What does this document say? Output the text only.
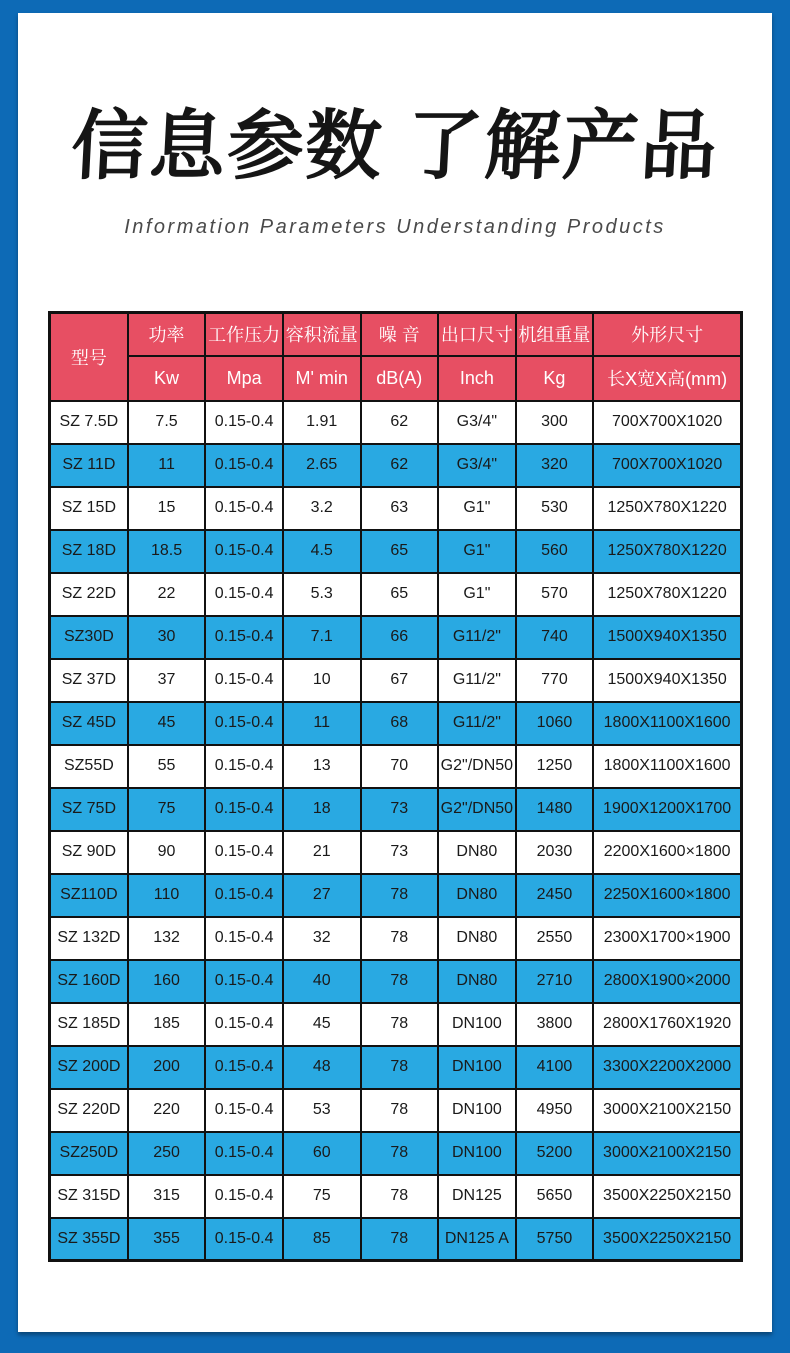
信息参数 了解产品
Information Parameters Understanding Products
型号	功率	工作压力	容积流量	噪 音	出口尺寸	机组重量	外形尺寸
	Kw	Mpa	M' min	dB(A)	Inch	Kg	长X宽X高(mm)
SZ 7.5D	7.5	0.15-0.4	1.91	62	G3/4"	300	700X700X1020
SZ 11D	11	0.15-0.4	2.65	62	G3/4"	320	700X700X1020
SZ 15D	15	0.15-0.4	3.2	63	G1"	530	1250X780X1220
SZ 18D	18.5	0.15-0.4	4.5	65	G1"	560	1250X780X1220
SZ 22D	22	0.15-0.4	5.3	65	G1"	570	1250X780X1220
SZ30D	30	0.15-0.4	7.1	66	G11/2"	740	1500X940X1350
SZ 37D	37	0.15-0.4	10	67	G11/2"	770	1500X940X1350
SZ 45D	45	0.15-0.4	11	68	G11/2"	1060	1800X1100X1600
SZ55D	55	0.15-0.4	13	70	G2"/DN50	1250	1800X1100X1600
SZ 75D	75	0.15-0.4	18	73	G2"/DN50	1480	1900X1200X1700
SZ 90D	90	0.15-0.4	21	73	DN80	2030	2200X1600×1800
SZ110D	110	0.15-0.4	27	78	DN80	2450	2250X1600×1800
SZ 132D	132	0.15-0.4	32	78	DN80	2550	2300X1700×1900
SZ 160D	160	0.15-0.4	40	78	DN80	2710	2800X1900×2000
SZ 185D	185	0.15-0.4	45	78	DN100	3800	2800X1760X1920
SZ 200D	200	0.15-0.4	48	78	DN100	4100	3300X2200X2000
SZ 220D	220	0.15-0.4	53	78	DN100	4950	3000X2100X2150
SZ250D	250	0.15-0.4	60	78	DN100	5200	3000X2100X2150
SZ 315D	315	0.15-0.4	75	78	DN125	5650	3500X2250X2150
SZ 355D	355	0.15-0.4	85	78	DN125 A	5750	3500X2250X2150
